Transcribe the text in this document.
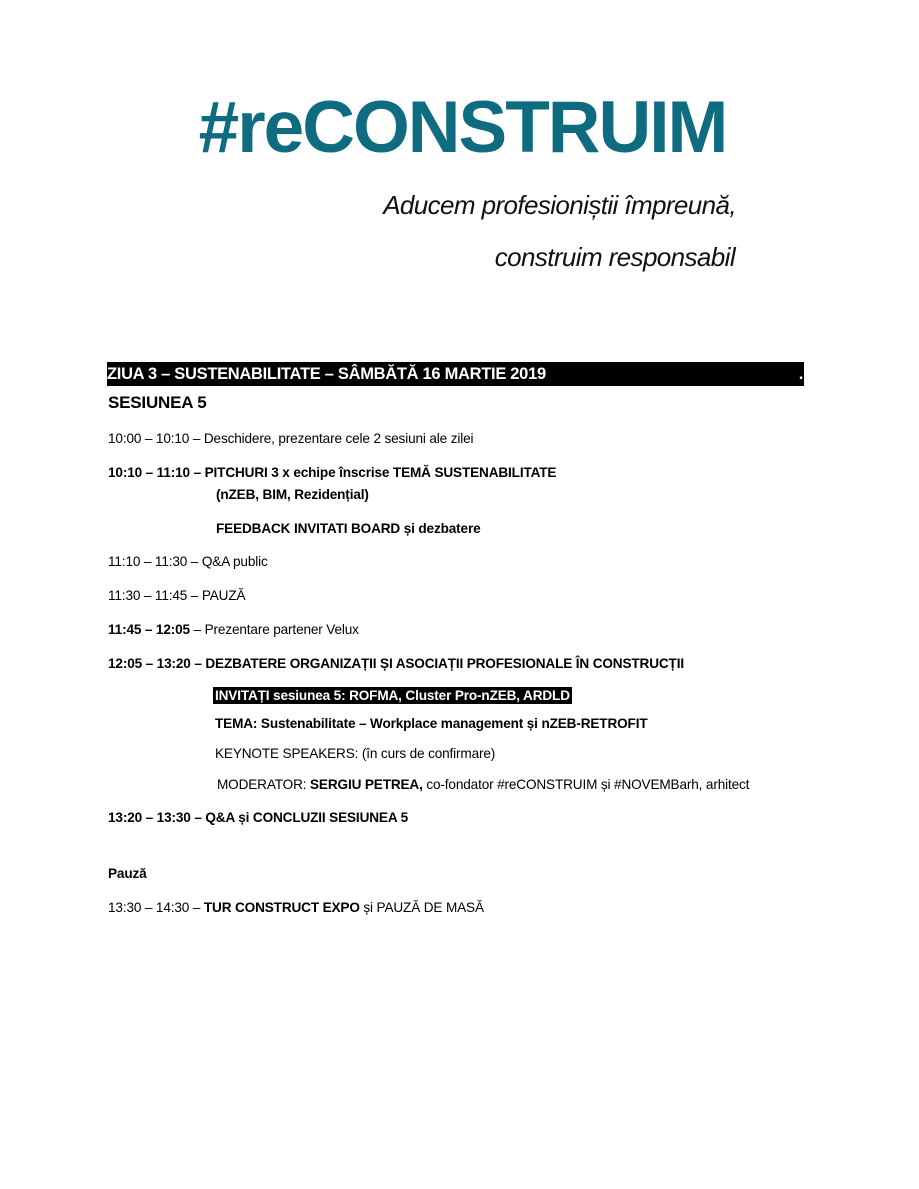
#reCONSTRUIM
Aducem profesioniștii împreună,
construim responsabil
ZIUA 3 – SUSTENABILITATE – SÂMBĂTĂ 16 MARTIE 2019	.
SESIUNEA 5
10:00 – 10:10 – Deschidere, prezentare cele 2 sesiuni ale zilei
10:10 – 11:10 – PITCHURI 3 x echipe înscrise TEMĂ SUSTENABILITATE
(nZEB, BIM, Rezidențial)
FEEDBACK INVITATI BOARD și dezbatere
11:10 – 11:30 – Q&A public
11:30 – 11:45 – PAUZĂ
11:45 – 12:05 – Prezentare partener Velux
12:05 – 13:20 – DEZBATERE ORGANIZAȚII ȘI ASOCIAȚII PROFESIONALE ÎN CONSTRUCȚII
INVITAȚI sesiunea 5: ROFMA, Cluster Pro-nZEB, ARDLD
TEMA: Sustenabilitate – Workplace management și nZEB-RETROFIT
KEYNOTE SPEAKERS: (în curs de confirmare)
MODERATOR: SERGIU PETREA, co-fondator #reCONSTRUIM și #NOVEMBarh, arhitect
13:20 – 13:30 – Q&A și CONCLUZII SESIUNEA 5
Pauză
13:30 – 14:30 – TUR CONSTRUCT EXPO și PAUZĂ DE MASĂ
